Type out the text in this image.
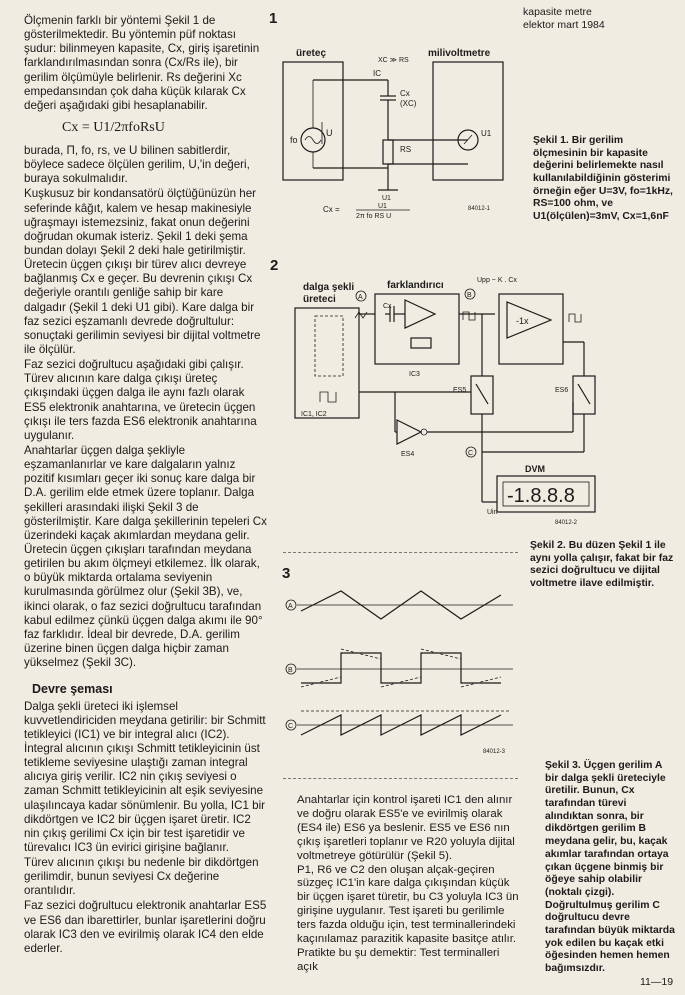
Ölçmenin farklı bir yöntemi Şekil 1 de gösterilmektedir. Bu yöntemin püf noktası şudur: bilinmeyen kapasite, Cx, giriş işaretinin farklandırılmasından sonra (Cx/Rs ile), bir gerilim ölçümüyle belirlenir. Rs değerini Xc empedansından çok daha küçük kılarak Cx değeri aşağıdaki gibi hesaplanabilir.

Cx = U1/2πfoRsU

burada, Π, fo, rs, ve U bilinen sabitlerdir, böylece sadece ölçülen gerilim, U,'in değeri, buraya sokulmalıdır.

Kuşkusuz bir kondansatörü ölçtüğünüzün her seferinde kâğıt, kalem ve hesap makinesiyle uğraşmayı istemezsiniz, fakat onun değerini doğrudan okumak isteriz. Şekil 1 deki şema bundan dolayı Şekil 2 deki hale getirilmiştir. Üretecin üçgen çıkışı bir türev alıcı devreye bağlanmış Cx e geçer. Bu devrenin çıkışı Cx değeriyle orantılı genliğe sahip bir kare dalgadır (Şekil 1 deki U1 gibi). Kare dalga bir faz sezici eşzamanlı devrede doğrultulur: sonuçtaki gerilimin seviyesi bir dijital voltmetre ile ölçülür.

Faz sezici doğrultucu aşağıdaki gibi çalışır. Türev alıcının kare dalga çıkışı üreteç çıkışındaki üçgen dalga ile aynı fazlı olarak ES5 elektronik anahtarına, ve üretecin üçgen çıkışı ile ters fazda ES6 elektronik anahtarına uygulanır.

Anahtarlar üçgen dalga şekliyle eşzamanlanırlar ve kare dalgaların yalnız pozitif kısımları geçer iki sonuç kare dalga bir D.A. gerilim elde etmek üzere toplanır. Dalga şekilleri arasındaki ilişki Şekil 3 de gösterilmiştir. Kare dalga şekillerinin tepeleri Cx üzerindeki kaçak akımlardan meydana gelir. Üretecin üçgen çıkışları tarafından meydana getirilen bu akım ölçmeyi etkilemez. İlk olarak, o büyük miktarda ortalama seviyenin kurulmasında görülmez olur (Şekil 3B), ve, ikinci olarak, o faz sezici doğrultucu tarafından kabul edilmez çünkü üçgen dalga akımı ile 90° faz farklıdır. İdeal bir devrede, D.A. gerilim üzerine binen üçgen dalga hiçbir zaman yükselmez (Şekil 3C).

Devre şeması

Dalga şekli üreteci iki işlemsel kuvvetlendiriciden meydana getirilir: bir Schmitt tetikleyici (IC1) ve bir integral alıcı (IC2). İntegral alıcının çıkışı Schmitt tetikleyicinin üst tetikleme seviyesine ulaştığı zaman integral alıcıya giriş verilir. IC2 nin çıkış seviyesi o zaman Schmitt tetikleyicinin alt eşik seviyesine ulaşılıncaya kadar sönümlenir. Bu yolla, IC1 bir dikdörtgen ve IC2 bir üçgen işaret üretir. IC2 nin çıkış gerilimi Cx için bir test işaretidir ve türevalıcı IC3 ün evirici girişine bağlanır.

Türev alıcının çıkışı bu nedenle bir dikdörtgen gerilimdir, bunun seviyesi Cx değerine orantılıdır.

Faz sezici doğrultucu elektronik anahtarlar ES5 ve ES6 dan ibarettirler, bunlar işaretlerini doğru olarak IC3 den ve evirilmiş olarak IC4 den elde ederler.

kapasite metre
elektor mart 1984
1
üreteç
fo
U
XC ≫ RS
IC
Cx
(XC)
RS
U1
milivoltmetre
U1
Cx =	U1
2π fo RS U
84012-1
Şekil 1. Bir gerilim ölçmesinin bir kapasite değerini belirlemekte nasıl kullanılabildiğinin gösterimi örneğin eğer U=3V, fo=1kHz, RS=100 ohm, ve U1(ölçülen)=3mV, Cx=1,6nF
2
dalga şekli
üreteci
IC1, IC2
A
farklandırıcı
Cx
IC3
B
Upp ~ K . Cx
-1x
ES5	ES6
ES4	C
DVM
-1.8.8.8
Uin
84012-2
Şekil 2. Bu düzen Şekil 1 ile aynı yolla çalışır, fakat bir faz sezici doğrultucu ve dijital voltmetre ilave edilmiştir.
3
A
B
C
84012-3
Şekil 3. Üçgen gerilim A bir dalga şekli üreteciyle üretilir. Bunun, Cx tarafından türevi alındıktan sonra, bir dikdörtgen gerilim B meydana gelir, bu, kaçak akımlar tarafından ortaya çıkan üçgene binmiş bir öğeye sahip olabilir (noktalı çizgi). Doğrultulmuş gerilim C doğrultucu devre tarafından büyük miktarda yok edilen bu kaçak etki öğesinden hemen hemen bağımsızdır.

Anahtarlar için kontrol işareti IC1 den alınır ve doğru olarak ES5'e ve evirilmiş olarak (ES4 ile) ES6 ya beslenir. ES5 ve ES6 nın çıkış işaretleri toplanır ve R20 yoluyla dijital voltmetreye götürülür (Şekil 5).

P1, R6 ve C2 den oluşan alçak-geçiren süzgeç IC1'in kare dalga çıkışından küçük bir üçgen işaret türetir, bu C3 yoluyla IC3 ün girişine uygulanır. Test işareti bu gerilimle ters fazda olduğu için, test terminallerindeki kaçınılamaz parazitik kapasite basitçe atılır. Pratikte bu şu demektir: Test terminalleri açık

11—19
